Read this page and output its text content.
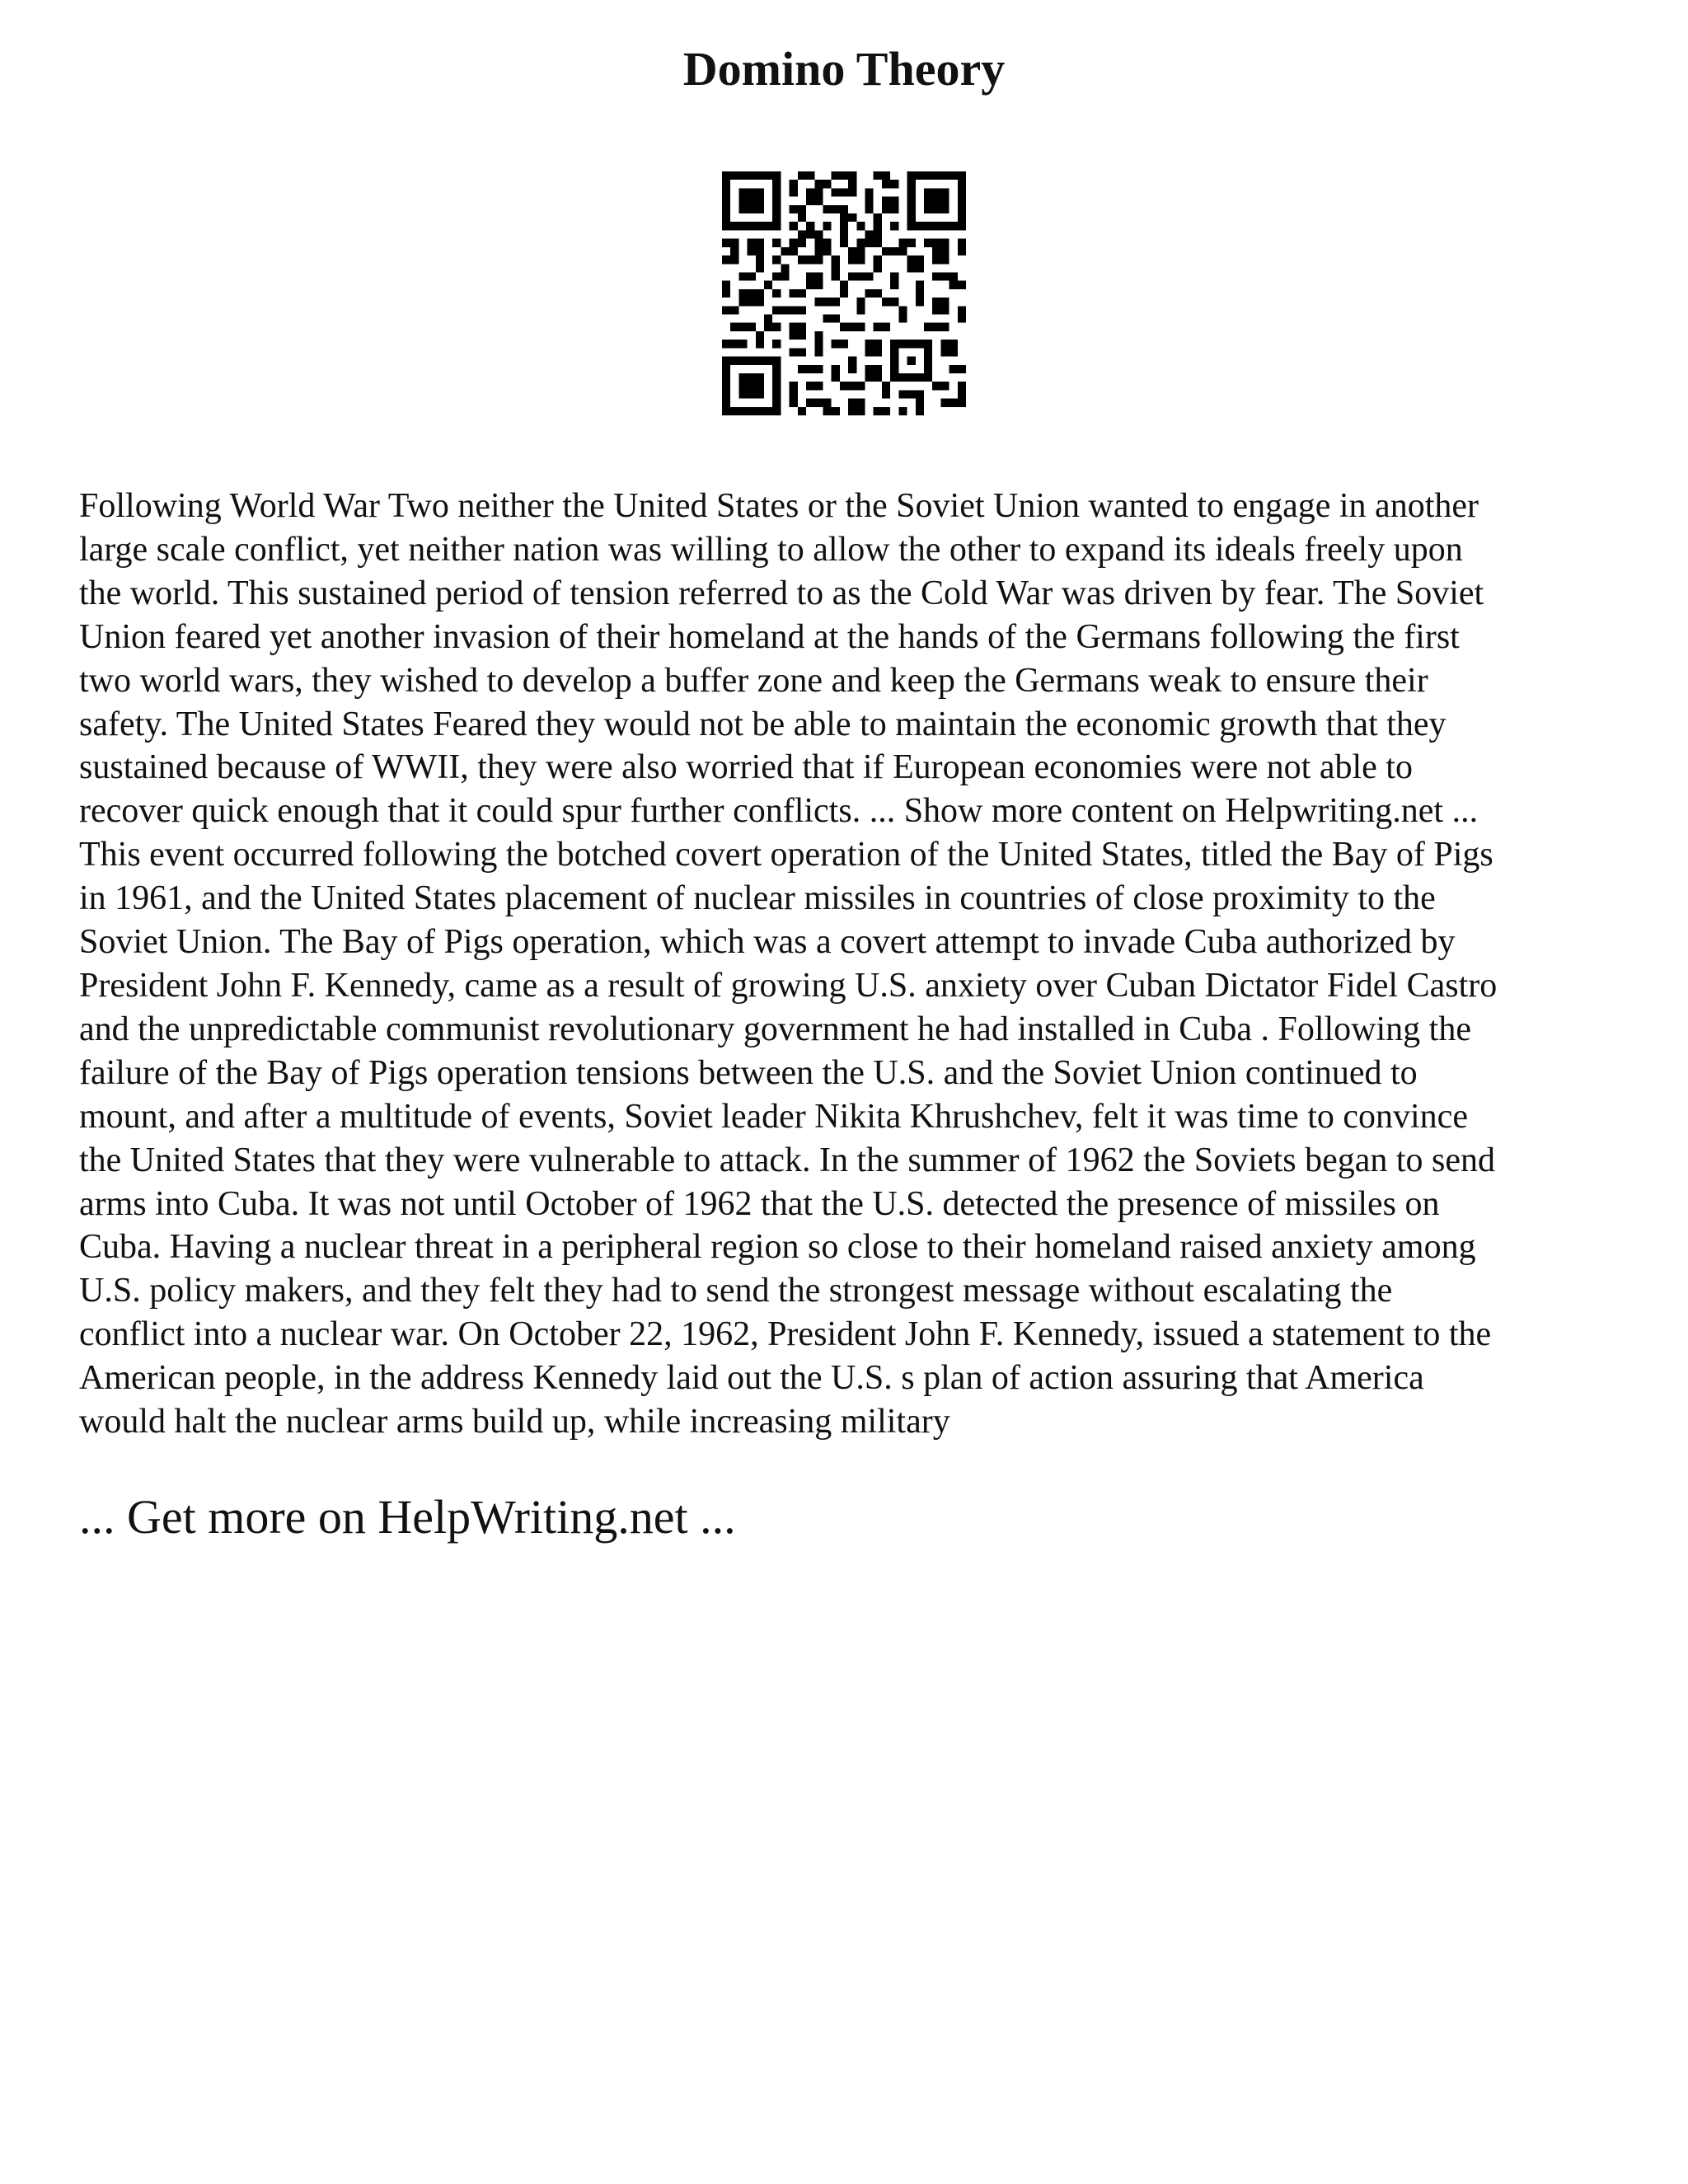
Domino Theory
Following World War Two neither the United States or the Soviet Union wanted to engage in another
large scale conflict, yet neither nation was willing to allow the other to expand its ideals freely upon
the world. This sustained period of tension referred to as the Cold War was driven by fear. The Soviet
Union feared yet another invasion of their homeland at the hands of the Germans following the first
two world wars, they wished to develop a buffer zone and keep the Germans weak to ensure their
safety. The United States Feared they would not be able to maintain the economic growth that they
sustained because of WWII, they were also worried that if European economies were not able to
recover quick enough that it could spur further conflicts. ... Show more content on Helpwriting.net ...
This event occurred following the botched covert operation of the United States, titled the Bay of Pigs
in 1961, and the United States placement of nuclear missiles in countries of close proximity to the
Soviet Union. The Bay of Pigs operation, which was a covert attempt to invade Cuba authorized by
President John F. Kennedy, came as a result of growing U.S. anxiety over Cuban Dictator Fidel Castro
and the unpredictable communist revolutionary government he had installed in Cuba . Following the
failure of the Bay of Pigs operation tensions between the U.S. and the Soviet Union continued to
mount, and after a multitude of events, Soviet leader Nikita Khrushchev, felt it was time to convince
the United States that they were vulnerable to attack. In the summer of 1962 the Soviets began to send
arms into Cuba. It was not until October of 1962 that the U.S. detected the presence of missiles on
Cuba. Having a nuclear threat in a peripheral region so close to their homeland raised anxiety among
U.S. policy makers, and they felt they had to send the strongest message without escalating the
conflict into a nuclear war. On October 22, 1962, President John F. Kennedy, issued a statement to the
American people, in the address Kennedy laid out the U.S. s plan of action assuring that America
would halt the nuclear arms build up, while increasing military

... Get more on HelpWriting.net ...
